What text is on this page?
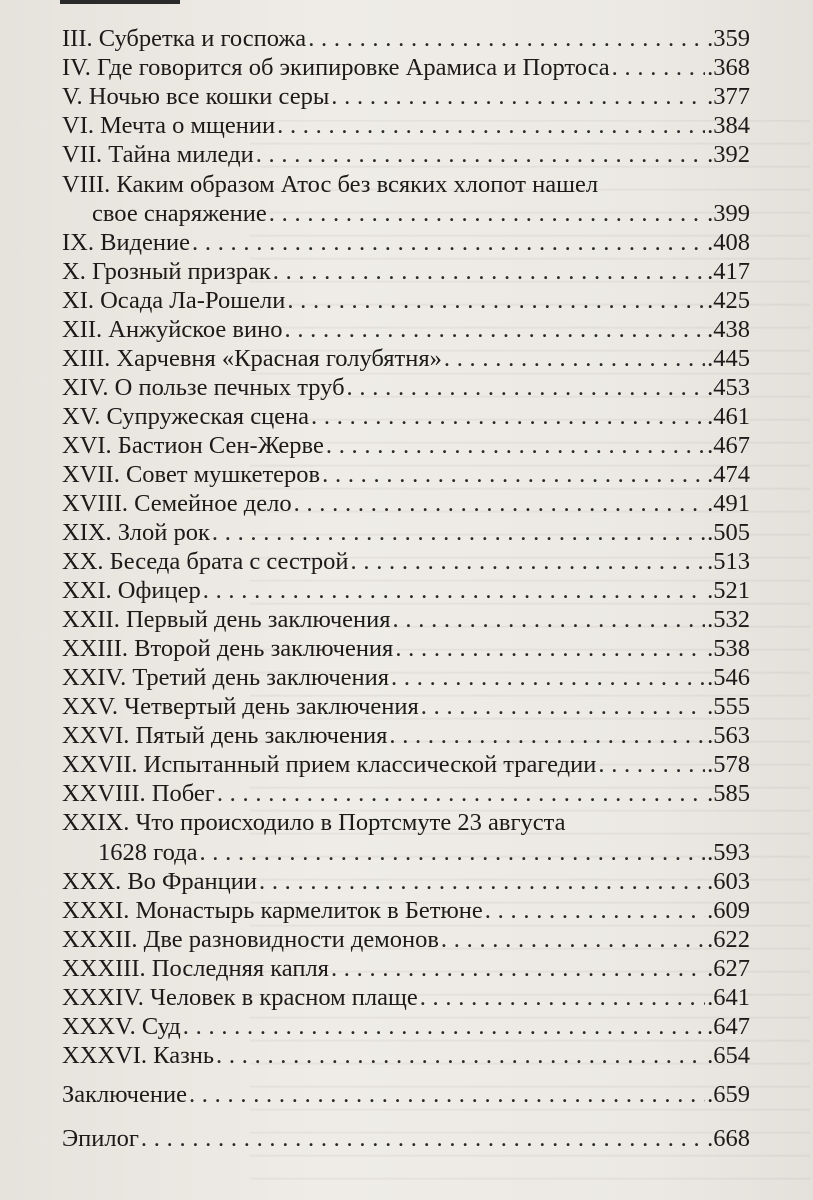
III. Субретка и госпожа . . .	.359
IV. Где говорится об экипировке Арамиса и Портоса . . .	.368
V. Ночью все кошки серы . . .	.377
VI. Мечта о мщении . . .	.384
VII. Тайна миледи . . .	.392
VIII. Каким образом Атос без всяких хлопот нашел
свое снаряжение . . .	.399
IX. Видение . . .	.408
X. Грозный призрак . . .	.417
XI. Осада Ла-Рошели . . .	.425
XII. Анжуйское вино . . .	.438
XIII. Харчевня «Красная голубятня» . . .	.445
XIV. О пользе печных труб . . .	.453
XV. Супружеская сцена . . .	.461
XVI. Бастион Сен-Жерве . . .	.467
XVII. Совет мушкетеров . . .	.474
XVIII. Семейное дело . . .	.491
XIX. Злой рок . . .	.505
XX. Беседа брата с сестрой . . .	.513
XXI. Офицер . . .	.521
XXII. Первый день заключения . . .	.532
XXIII. Второй день заключения . . .	.538
XXIV. Третий день заключения . . .	.546
XXV. Четвертый день заключения . . .	.555
XXVI. Пятый день заключения . . .	.563
XXVII. Испытанный прием классической трагедии . . .	.578
XXVIII. Побег . . .	.585
XXIX. Что происходило в Портсмуте 23 августа
1628 года . . .	.593
XXX. Во Франции . . .	.603
XXXI. Монастырь кармелиток в Бетюне . . .	.609
XXXII. Две разновидности демонов . . .	.622
XXXIII. Последняя капля . . .	.627
XXXIV. Человек в красном плаще . . .	.641
XXXV. Суд . . .	.647
XXXVI. Казнь . . .	.654
Заключение . . .	.659
Эпилог . . .	.668
